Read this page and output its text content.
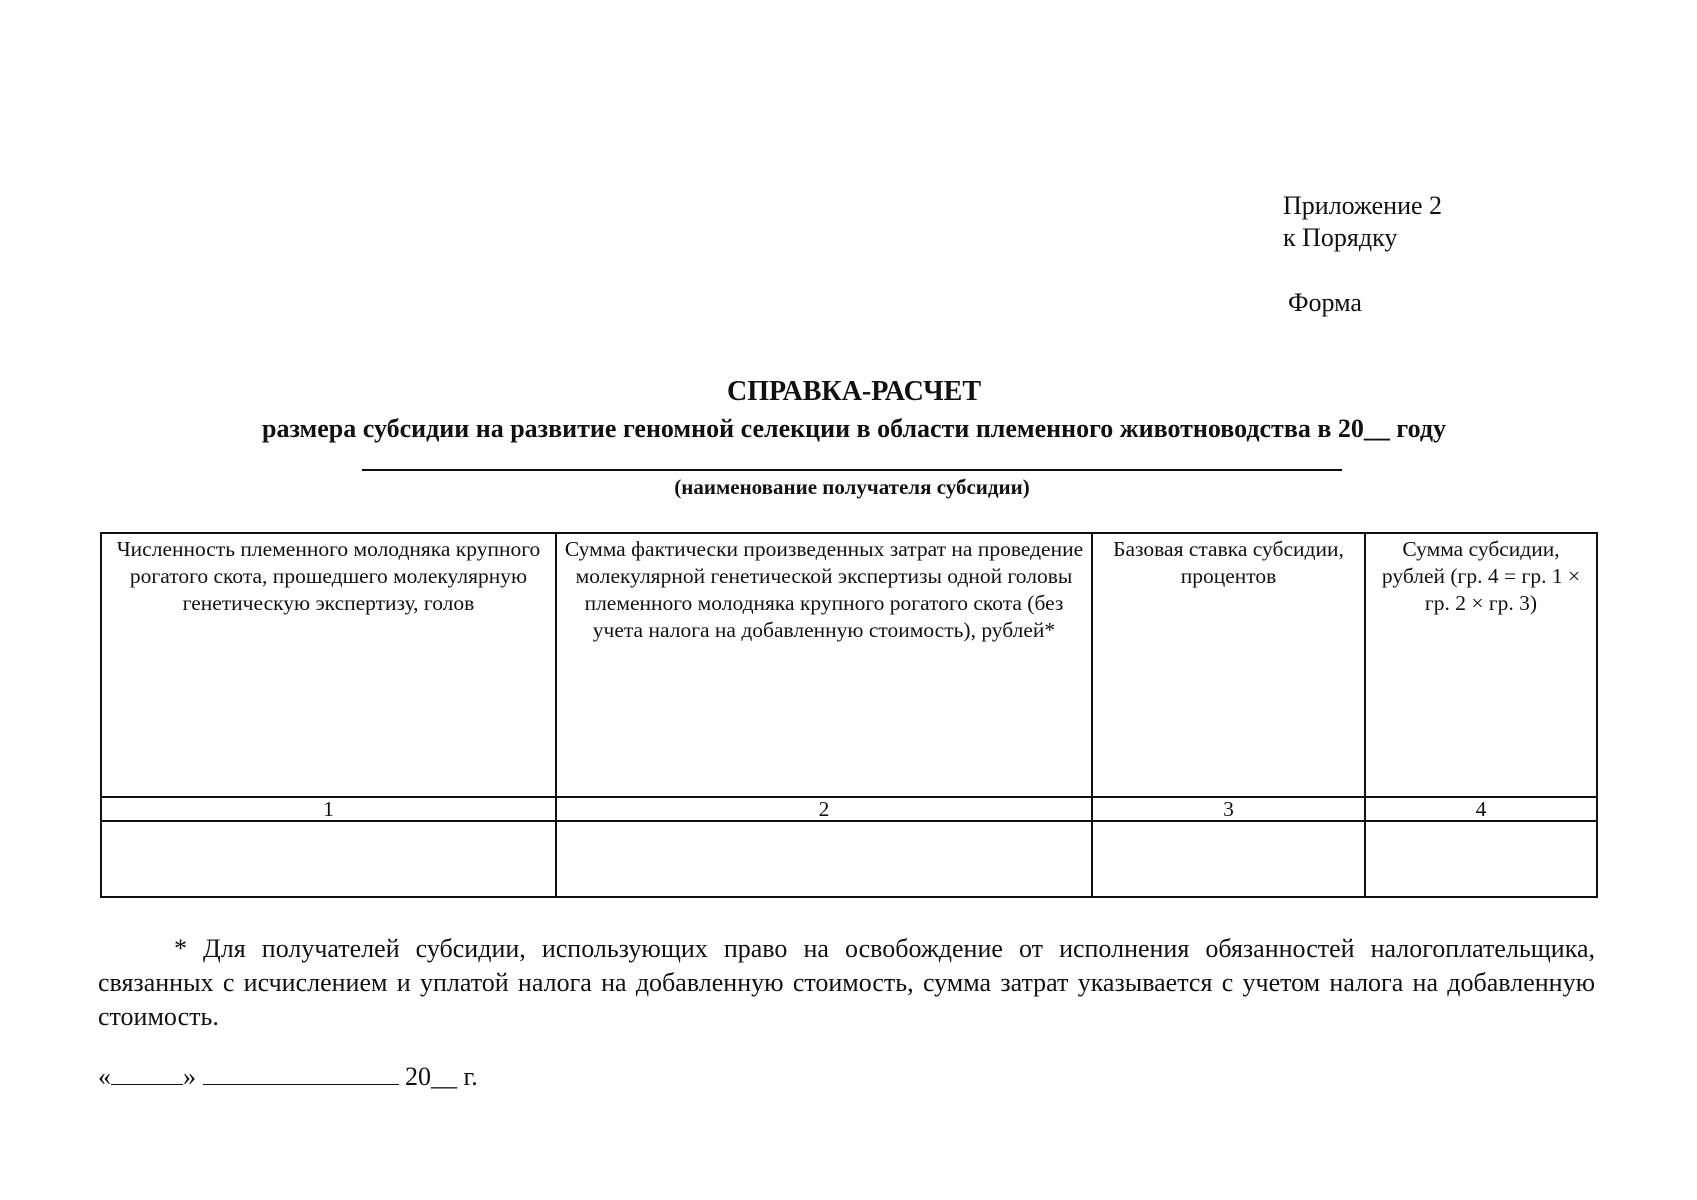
Приложение 2
к Порядку
Форма
СПРАВКА-РАСЧЕТ
размера субсидии на развитие геномной селекции в области племенного животноводства в 20__ году
(наименование получателя субсидии)
Численность племенного молодняка крупного рогатого скота, прошедшего молекулярную генетическую экспертизу, голов	Сумма фактически произведенных затрат на проведение молекулярной генетической экспертизы одной головы племенного молодняка крупного рогатого скота (без учета налога на добавленную стоимость), рублей*	Базовая ставка субсидии, процентов	Сумма субсидии, рублей (гр. 4 = гр. 1 × гр. 2 × гр. 3)
1	2	3	4

* Для получателей субсидии, использующих право на освобождение от исполнения обязанностей налогоплательщика, связанных с исчислением и уплатой налога на добавленную стоимость, сумма затрат указывается с учетом налога на добавленную стоимость.
«	»	20__ г.
